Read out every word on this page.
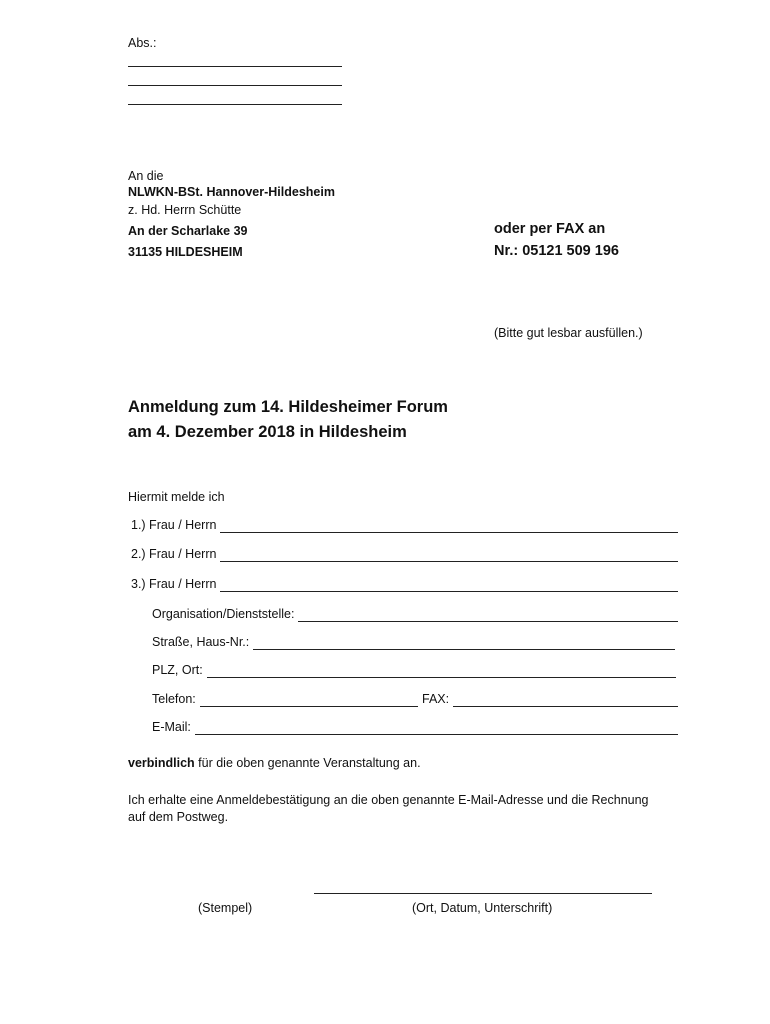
Abs.:
An die
NLWKN-BSt. Hannover-Hildesheim
z. Hd. Herrn Schütte
An der Scharlake 39
31135 HILDESHEIM
oder per FAX an
Nr.: 05121 509 196
(Bitte gut lesbar ausfüllen.)
Anmeldung zum 14. Hildesheimer Forum
am 4. Dezember 2018 in Hildesheim
Hiermit melde ich
1.) Frau / Herrn
2.) Frau / Herrn
3.) Frau / Herrn
Organisation/Dienststelle:
Straße, Haus-Nr.:
PLZ, Ort:
Telefon:	FAX:
E-Mail:
verbindlich für die oben genannte Veranstaltung an.
Ich erhalte eine Anmeldebestätigung an die oben genannte E-Mail-Adresse und die Rechnung
auf dem Postweg.
(Stempel)	(Ort, Datum, Unterschrift)
